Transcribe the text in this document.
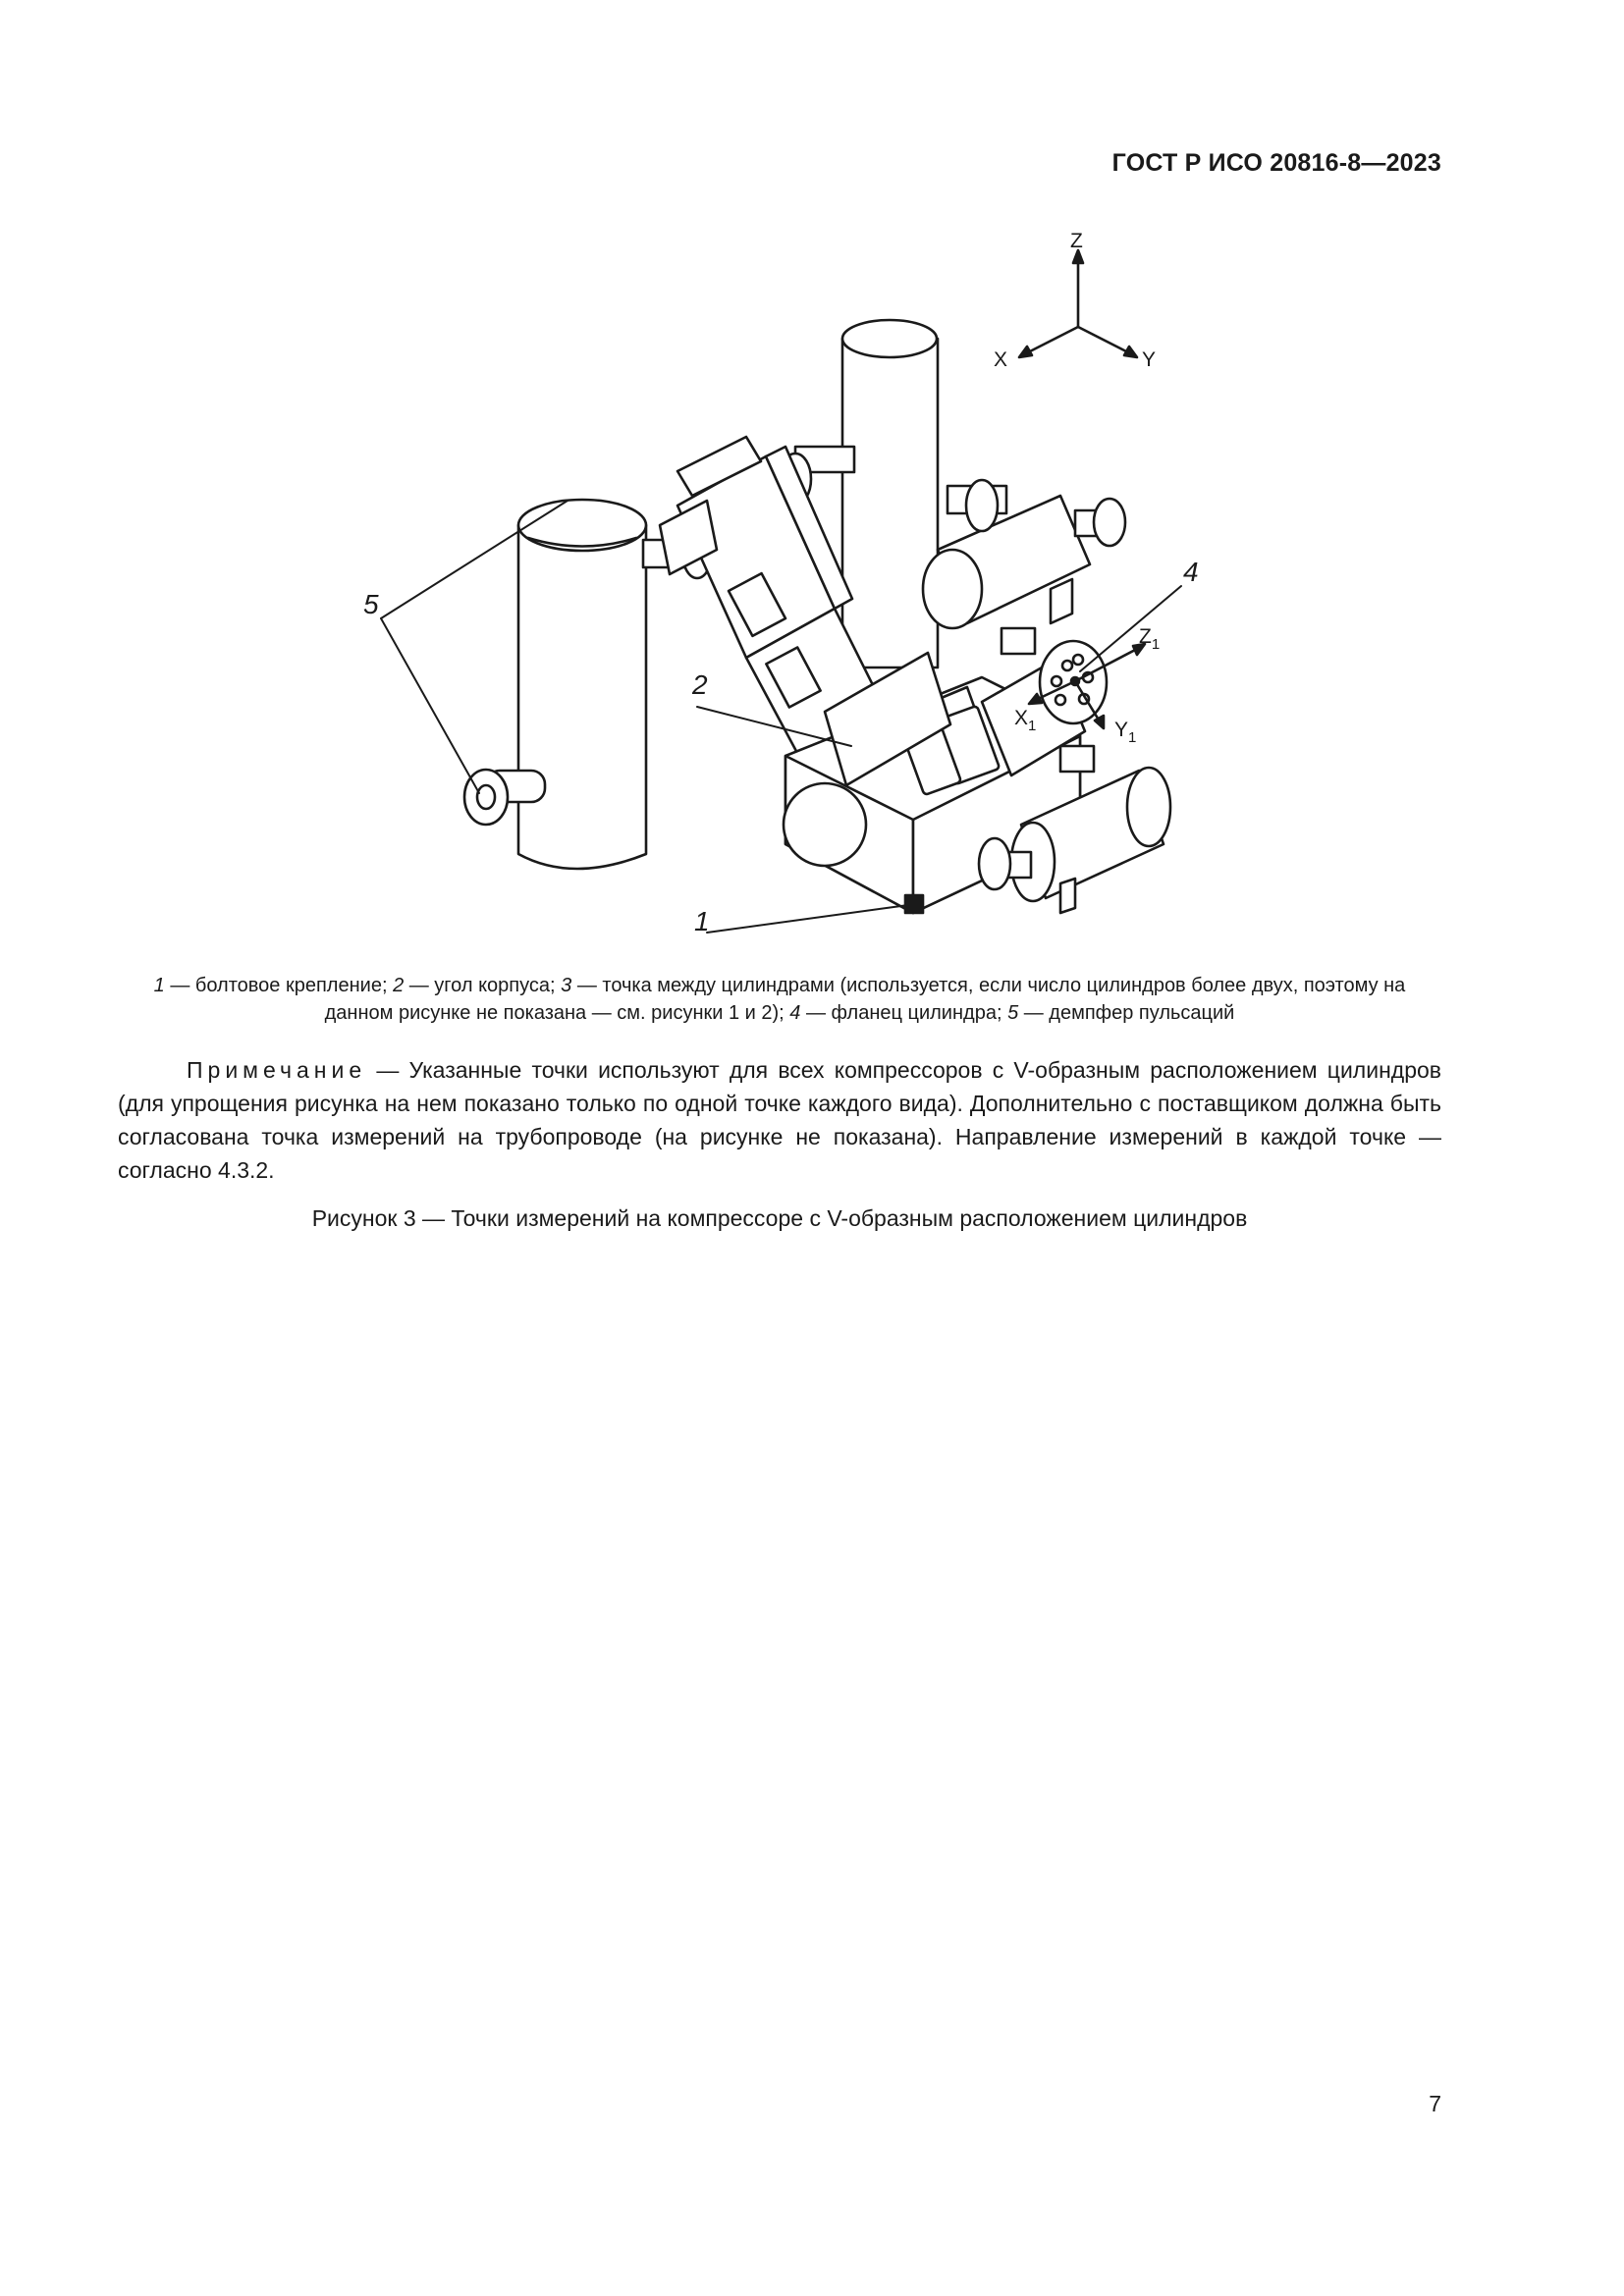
ГОСТ Р ИСО 20816-8—2023
5
2
4
1
Z
X	Y
$Z_1$
$X_1$	$Y_1$
1 — болтовое крепление; 2 — угол корпуса; 3 — точка между цилиндрами (используется, если число цилиндров более двух, поэтому на данном рисунке не показана — см. рисунки 1 и 2); 4 — фланец цилиндра; 5 — демпфер пульсаций
Примечание — Указанные точки используют для всех компрессоров с V-образным расположением цилиндров (для упрощения рисунка на нем показано только по одной точке каждого вида). Дополнительно с поставщиком должна быть согласована точка измерений на трубопроводе (на рисунке не показана). Направление измерений в каждой точке — согласно 4.3.2.
Рисунок 3 — Точки измерений на компрессоре с V-образным расположением цилиндров
7
